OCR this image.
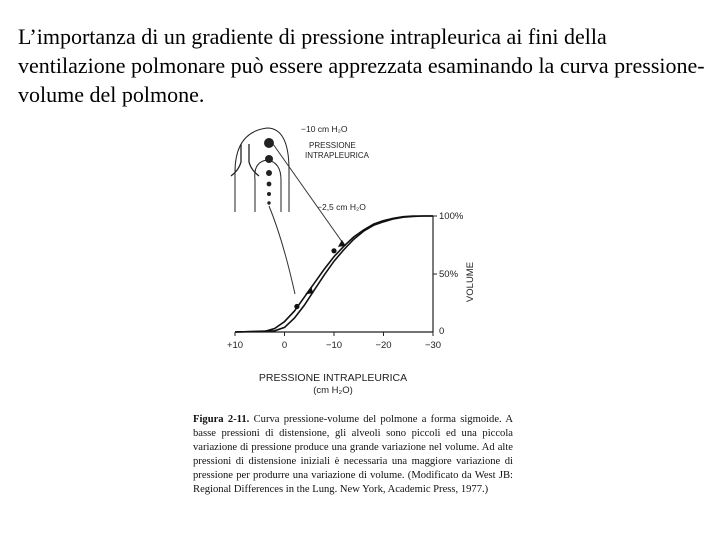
L’importanza di un gradiente di pressione intrapleurica ai fini della ventilazione polmonare può essere apprezzata esaminando la curva pressione-volume del polmone.

−10 cm H₂O
PRESSIONE
INTRAPLEURICA
−2,5 cm H₂O
+10	0	−10	−20	−30
0
50%
100%
PRESSIONE INTRAPLEURICA
(cm H₂O)
VOLUME

Figura 2-11. Curva pressione-volume del polmone a forma sigmoide. A basse pressioni di distensione, gli alveoli sono piccoli ed una piccola variazione di pressione produce una grande variazione nel volume. Ad alte pressioni di distensione iniziali è necessaria una maggiore variazione di pressione per produrre una variazione di volume. (Modificato da West JB: Regional Differences in the Lung. New York, Academic Press, 1977.)
